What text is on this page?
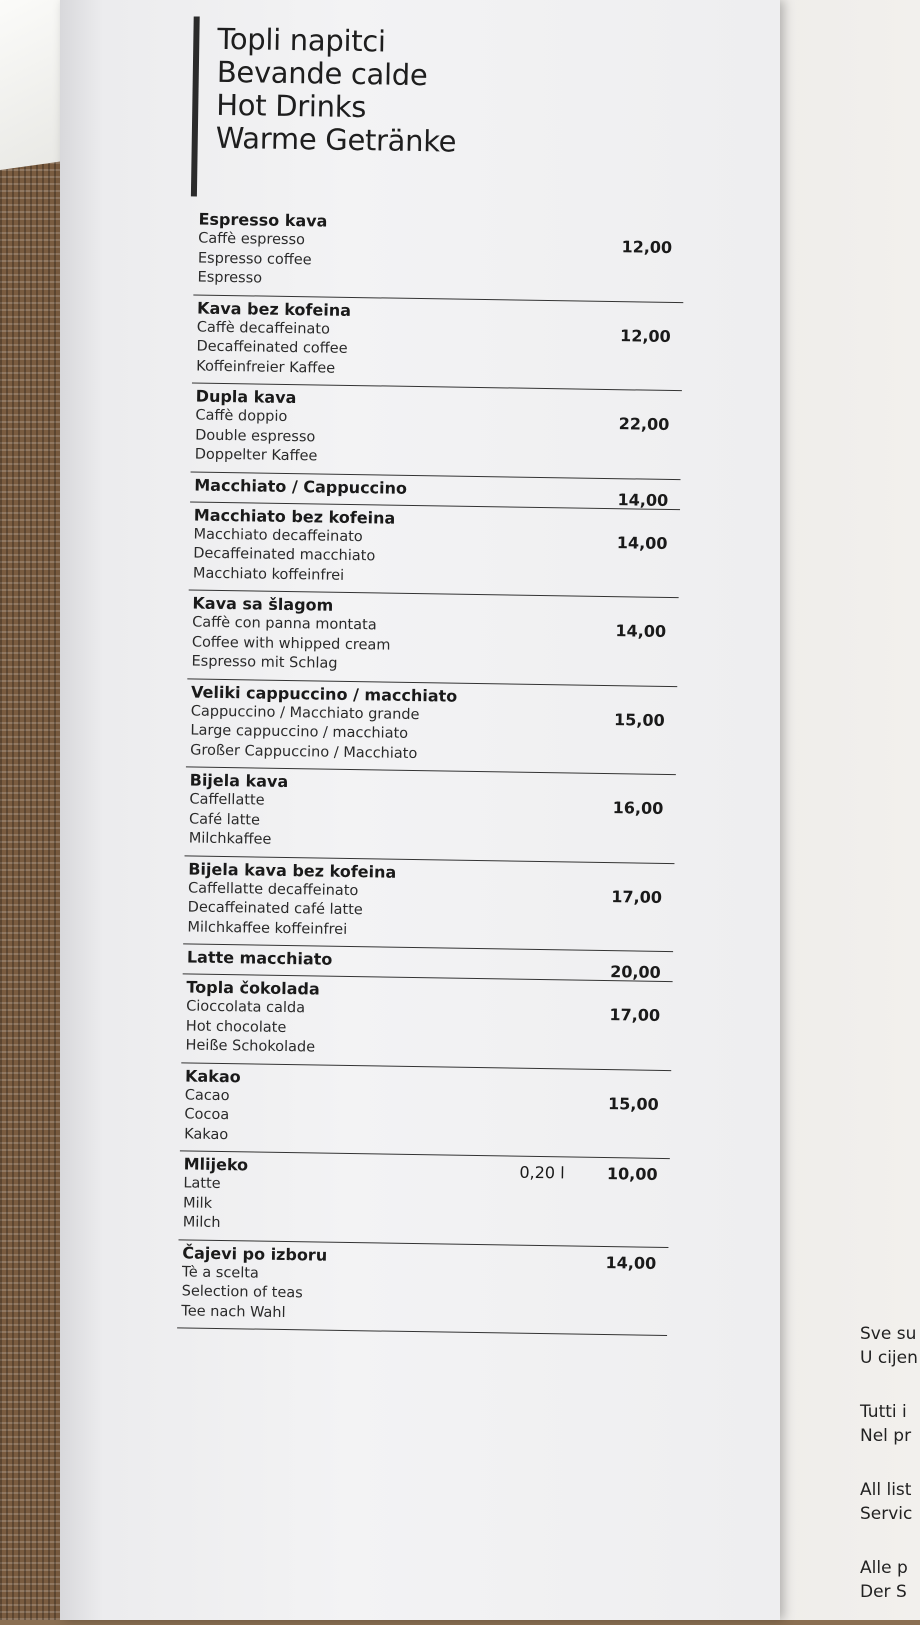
Sve su
U cijen
Tutti i
Nel pr
All list
Servic
Alle p
Der S
Topli napitci
Bevande calde
Hot Drinks
Warme Getränke
Espresso kava
Caffè espresso
Espresso coffee
Espresso
12,00
Kava bez kofeina
Caffè decaffeinato
Decaffeinated coffee
Koffeinfreier Kaffee
12,00
Dupla kava
Caffè doppio
Double espresso
Doppelter Kaffee
22,00
Macchiato / Cappuccino
14,00
Macchiato bez kofeina
Macchiato decaffeinato
Decaffeinated macchiato
Macchiato koffeinfrei
14,00
Kava sa šlagom
Caffè con panna montata
Coffee with whipped cream
Espresso mit Schlag
14,00
Veliki cappuccino / macchiato
Cappuccino / Macchiato grande
Large cappuccino / macchiato
Großer Cappuccino / Macchiato
15,00
Bijela kava
Caffellatte
Café latte
Milchkaffee
16,00
Bijela kava bez kofeina
Caffellatte decaffeinato
Decaffeinated café latte
Milchkaffee koffeinfrei
17,00
Latte macchiato
20,00
Topla čokolada
Cioccolata calda
Hot chocolate
Heiße Schokolade
17,00
Kakao
Cacao
Cocoa
Kakao
15,00
Mlijeko
Latte
Milk
Milch
0,20 l	10,00
Čajevi po izboru
Tè a scelta
Selection of teas
Tee nach Wahl
14,00
